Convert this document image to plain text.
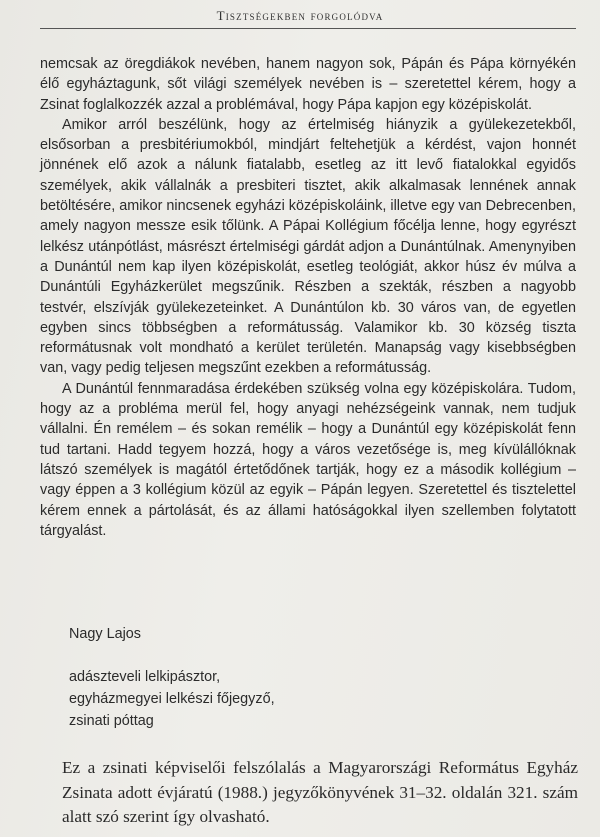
Tisztségekben forgolódva

nemcsak az öregdiákok nevében, hanem nagyon sok, Pápán és Pápa környékén élő egyháztagunk, sőt világi személyek nevében is – szeretettel kérem, hogy a Zsinat foglalkozzék azzal a problémával, hogy Pápa kapjon egy középiskolát.

Amikor arról beszélünk, hogy az értelmiség hiányzik a gyülekezetekből, elsősorban a presbitériumokból, mindjárt feltehetjük a kérdést, vajon honnét jönnének elő azok a nálunk fiatalabb, esetleg az itt levő fiatalokkal egyidős személyek, akik vállalnák a presbiteri tisztet, akik alkalmasak lennének annak betöltésére, amikor nincsenek egyházi középiskoláink, illetve egy van Debrecenben, amely nagyon messze esik tőlünk. A Pápai Kollégium főcélja lenne, hogy egyrészt lelkész utánpótlást, másrészt értelmiségi gárdát adjon a Dunántúlnak. Amenynyiben a Dunántúl nem kap ilyen középiskolát, esetleg teológiát, akkor húsz év múlva a Dunántúli Egyházkerület megszűnik. Részben a szekták, részben a nagyobb testvér, elszívják gyülekezeteinket. A Dunántúlon kb. 30 város van, de egyetlen egyben sincs többségben a reformátusság. Valamikor kb. 30 község tiszta reformátusnak volt mondható a kerület területén. Manapság vagy kisebbségben van, vagy pedig teljesen megszűnt ezekben a reformátusság.

A Dunántúl fennmaradása érdekében szükség volna egy középiskolára. Tudom, hogy az a probléma merül fel, hogy anyagi nehézségeink vannak, nem tudjuk vállalni. Én remélem – és sokan remélik – hogy a Dunántúl egy középiskolát fenn tud tartani. Hadd tegyem hozzá, hogy a város vezetősége is, meg kívülállóknak látszó személyek is magától értetődőnek tartják, hogy ez a második kollégium – vagy éppen a 3 kollégium közül az egyik – Pápán legyen. Szeretettel és tisztelettel kérem ennek a pártolását, és az állami hatóságokkal ilyen szellemben folytatott tárgyalást.

Nagy Lajos
adászteveli lelkipásztor,
egyházmegyei lelkészi főjegyző,
zsinati póttag
Ez a zsinati képviselői felszólalás a Magyarországi Református Egyház Zsinata adott évjáratú (1988.) jegyzőkönyvének 31–32. oldalán 321. szám alatt szó szerint így olvasható.
